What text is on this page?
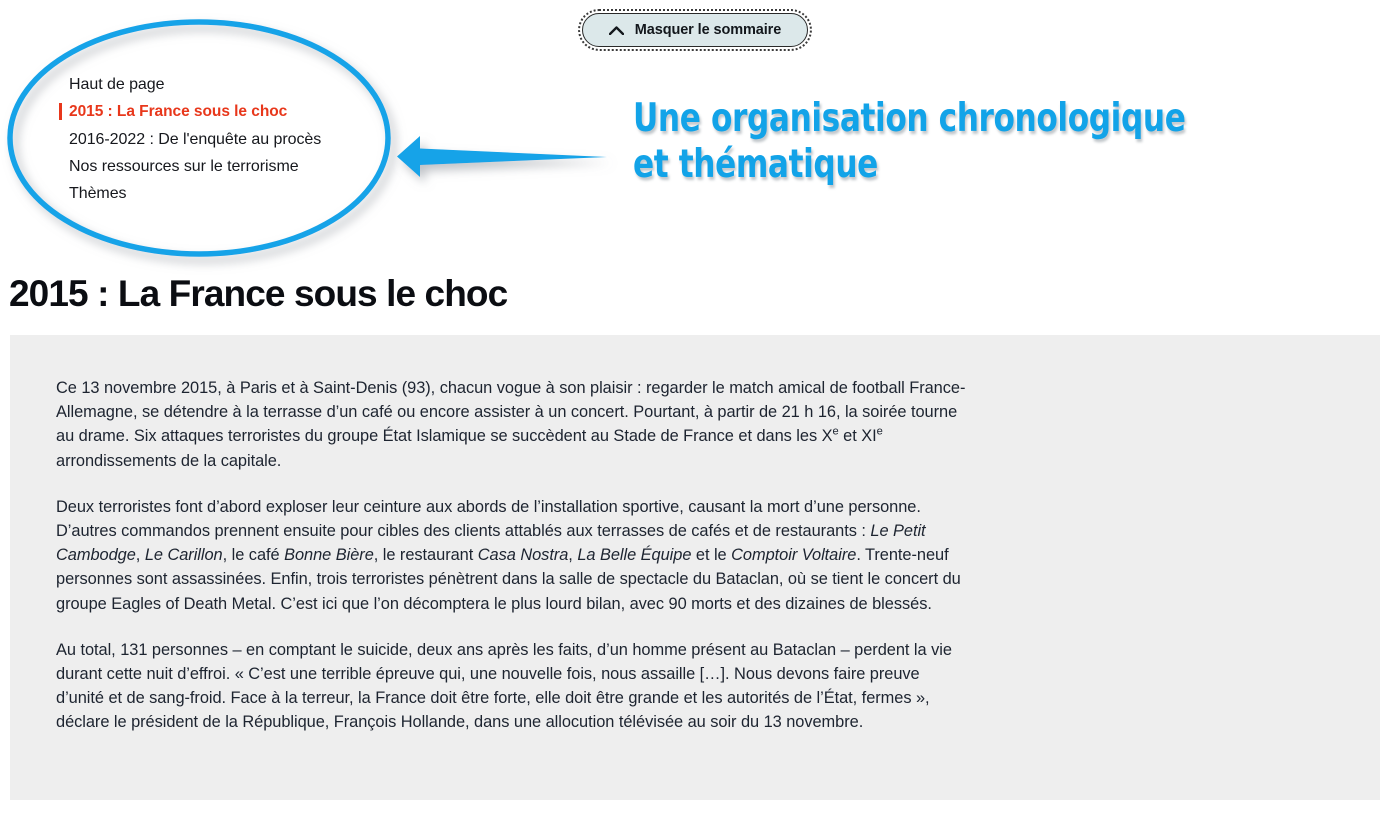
Masquer le sommaire
Haut de page
2015 : La France sous le choc
2016-2022 : De l'enquête au procès
Nos ressources sur le terrorisme
Thèmes
Une organisation chronologique
et thématique
2015 : La France sous le choc

Ce 13 novembre 2015, à Paris et à Saint-Denis (93), chacun vogue à son plaisir : regarder le match amical de football France-Allemagne, se détendre à la terrasse d’un café ou encore assister à un concert. Pourtant, à partir de 21 h 16, la soirée tourne au drame. Six attaques terroristes du groupe État Islamique se succèdent au Stade de France et dans les Xe et XIe arrondissements de la capitale.

Deux terroristes font d’abord exploser leur ceinture aux abords de l’installation sportive, causant la mort d’une personne. D’autres commandos prennent ensuite pour cibles des clients attablés aux terrasses de cafés et de restaurants : Le Petit Cambodge, Le Carillon, le café Bonne Bière, le restaurant Casa Nostra, La Belle Équipe et le Comptoir Voltaire. Trente-neuf personnes sont assassinées. Enfin, trois terroristes pénètrent dans la salle de spectacle du Bataclan, où se tient le concert du groupe Eagles of Death Metal. C’est ici que l’on décomptera le plus lourd bilan, avec 90 morts et des dizaines de blessés.

Au total, 131 personnes – en comptant le suicide, deux ans après les faits, d’un homme présent au Bataclan – perdent la vie durant cette nuit d’effroi. « C’est une terrible épreuve qui, une nouvelle fois, nous assaille […]. Nous devons faire preuve d’unité et de sang-froid. Face à la terreur, la France doit être forte, elle doit être grande et les autorités de l’État, fermes », déclare le président de la République, François Hollande, dans une allocution télévisée au soir du 13 novembre.
